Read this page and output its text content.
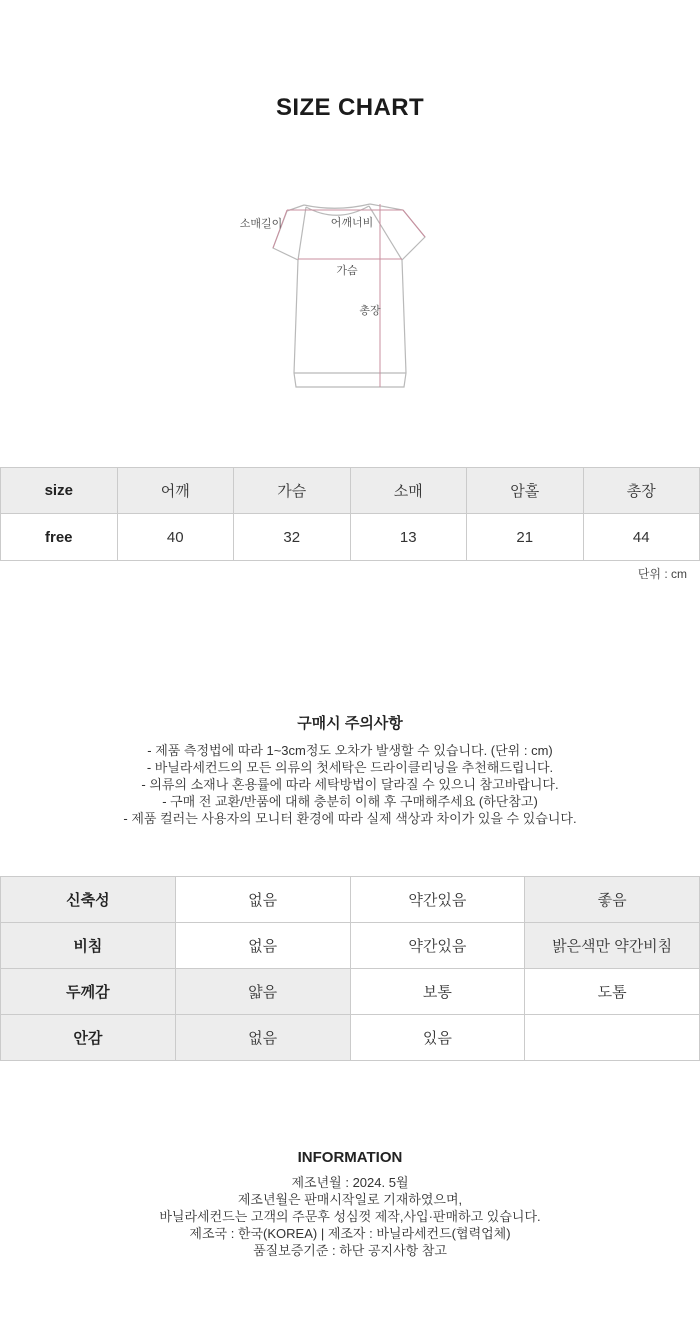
SIZE CHART
소매길이	어깨너비
가슴
총장
size	어깨	가슴	소매	암홀	총장
free	40	32	13	21	44
단위 : cm
구매시 주의사항
- 제품 측정법에 따라 1~3cm정도 오차가 발생할 수 있습니다. (단위 : cm)
- 바닐라세컨드의 모든 의류의 첫세탁은 드라이클리닝을 추천해드립니다.
- 의류의 소재나 혼용률에 따라 세탁방법이 달라질 수 있으니 참고바랍니다.
- 구매 전 교환/반품에 대해 충분히 이해 후 구매해주세요 (하단참고)
- 제품 컬러는 사용자의 모니터 환경에 따라 실제 색상과 차이가 있을 수 있습니다.
신축성	없음	약간있음	좋음
비침	없음	약간있음	밝은색만 약간비침
두께감	얇음	보통	도톰
안감	없음	있음	
INFORMATION
제조년월 : 2024. 5월
제조년월은 판매시작일로 기재하였으며,
바닐라세컨드는 고객의 주문후 성심껏 제작,사입·판매하고 있습니다.
제조국 : 한국(KOREA) | 제조자 : 바닐라세컨드(협력업체)
품질보증기준 : 하단 공지사항 참고
